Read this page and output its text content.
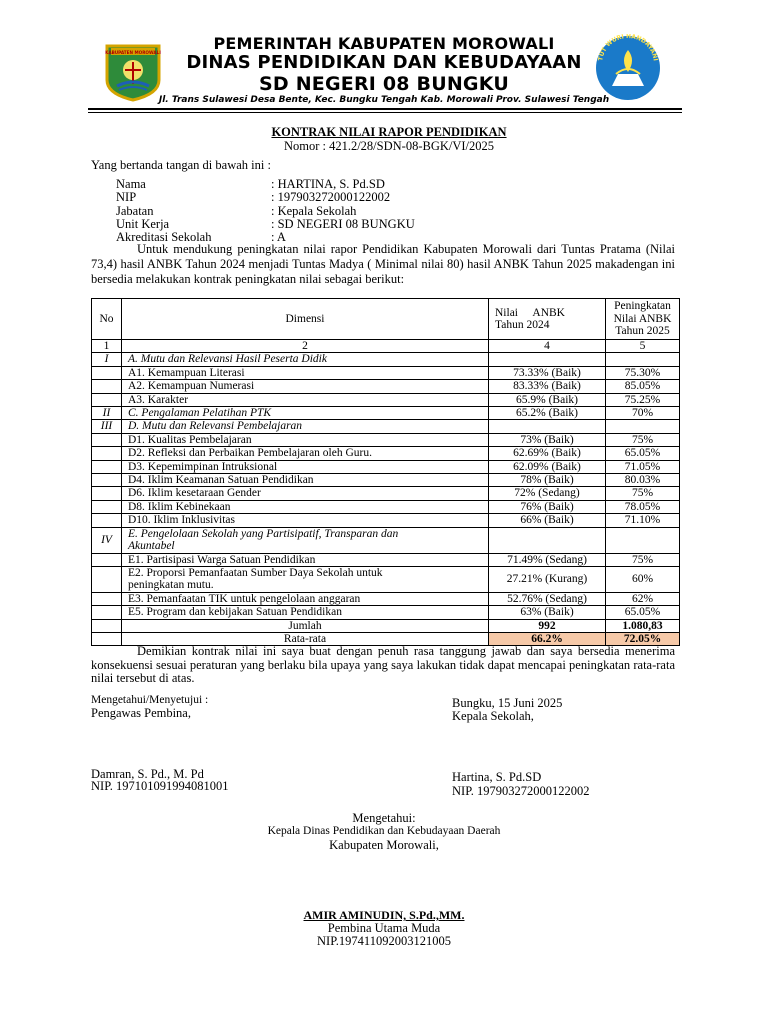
KABUPATEN MOROWALI
TUT WURI HANDAYANI
PEMERINTAH KABUPATEN MOROWALI
DINAS PENDIDIKAN DAN KEBUDAYAAN
SD NEGERI 08 BUNGKU
Jl. Trans Sulawesi Desa Bente, Kec. Bungku Tengah Kab. Morowali Prov. Sulawesi Tengah
KONTRAK NILAI RAPOR PENDIDIKAN
Nomor : 421.2/28/SDN-08-BGK/VI/2025
Yang bertanda tangan di bawah ini :
Nama	: HARTINA, S. Pd.SD
NIP	: 197903272000122002
Jabatan	: Kepala Sekolah
Unit Kerja	: SD NEGERI 08 BUNGKU
Akreditasi Sekolah	: A
Untuk mendukung peningkatan nilai rapor Pendidikan Kabupaten Morowali dari Tuntas Pratama (Nilai 73,4) hasil ANBK Tahun 2024 menjadi Tuntas Madya ( Minimal nilai 80) hasil ANBK Tahun 2025 makadengan ini bersedia melakukan kontrak peningkatan nilai sebagai berikut:
No	Dimensi	Nilai ANBK Tahun 2024	Peningkatan Nilai ANBK Tahun 2025
1	2	4	5
I	A. Mutu dan Relevansi Hasil Peserta Didik		
	A1. Kemampuan Literasi	73.33% (Baik)	75.30%
	A2. Kemampuan Numerasi	83.33% (Baik)	85.05%
	A3. Karakter	65.9% (Baik)	75.25%
II	C. Pengalaman Pelatihan PTK	65.2% (Baik)	70%
III	D. Mutu dan Relevansi Pembelajaran		
	D1. Kualitas Pembelajaran	73% (Baik)	75%
	D2. Refleksi dan Perbaikan Pembelajaran oleh Guru.	62.69% (Baik)	65.05%
	D3. Kepemimpinan Intruksional	62.09% (Baik)	71.05%
	D4. Iklim Keamanan Satuan Pendidikan	78% (Baik)	80.03%
	D6. Iklim kesetaraan Gender	72% (Sedang)	75%
	D8. Iklim Kebinekaan	76% (Baik)	78.05%
	D10. Iklim Inklusivitas	66% (Baik)	71.10%
IV	E. Pengelolaan Sekolah yang Partisipatif, Transparan dan Akuntabel		
	E1. Partisipasi Warga Satuan Pendidikan	71.49% (Sedang)	75%
	E2. Proporsi Pemanfaatan Sumber Daya Sekolah untuk peningkatan mutu.	27.21% (Kurang)	60%
	E3. Pemanfaatan TIK untuk pengelolaan anggaran	52.76% (Sedang)	62%
	E5. Program dan kebijakan Satuan Pendidikan	63% (Baik)	65.05%
	Jumlah	992	1.080,83
	Rata-rata	66.2%	72.05%
Demikian kontrak nilai ini saya buat dengan penuh rasa tanggung jawab dan saya bersedia menerima konsekuensi sesuai peraturan yang berlaku bila upaya yang saya lakukan tidak dapat mencapai peningkatan rata-rata nilai tersebut di atas.
Mengetahui/Menyetujui :
Pengawas Pembina,
Damran, S. Pd., M. Pd
NIP. 197101091994081001
Bungku, 15 Juni 2025
Kepala Sekolah,
Hartina, S. Pd.SD
NIP. 197903272000122002
Mengetahui:
Kepala Dinas Pendidikan dan Kebudayaan Daerah
Kabupaten Morowali,
AMIR AMINUDIN, S.Pd.,MM.
Pembina Utama Muda
NIP.197411092003121005
